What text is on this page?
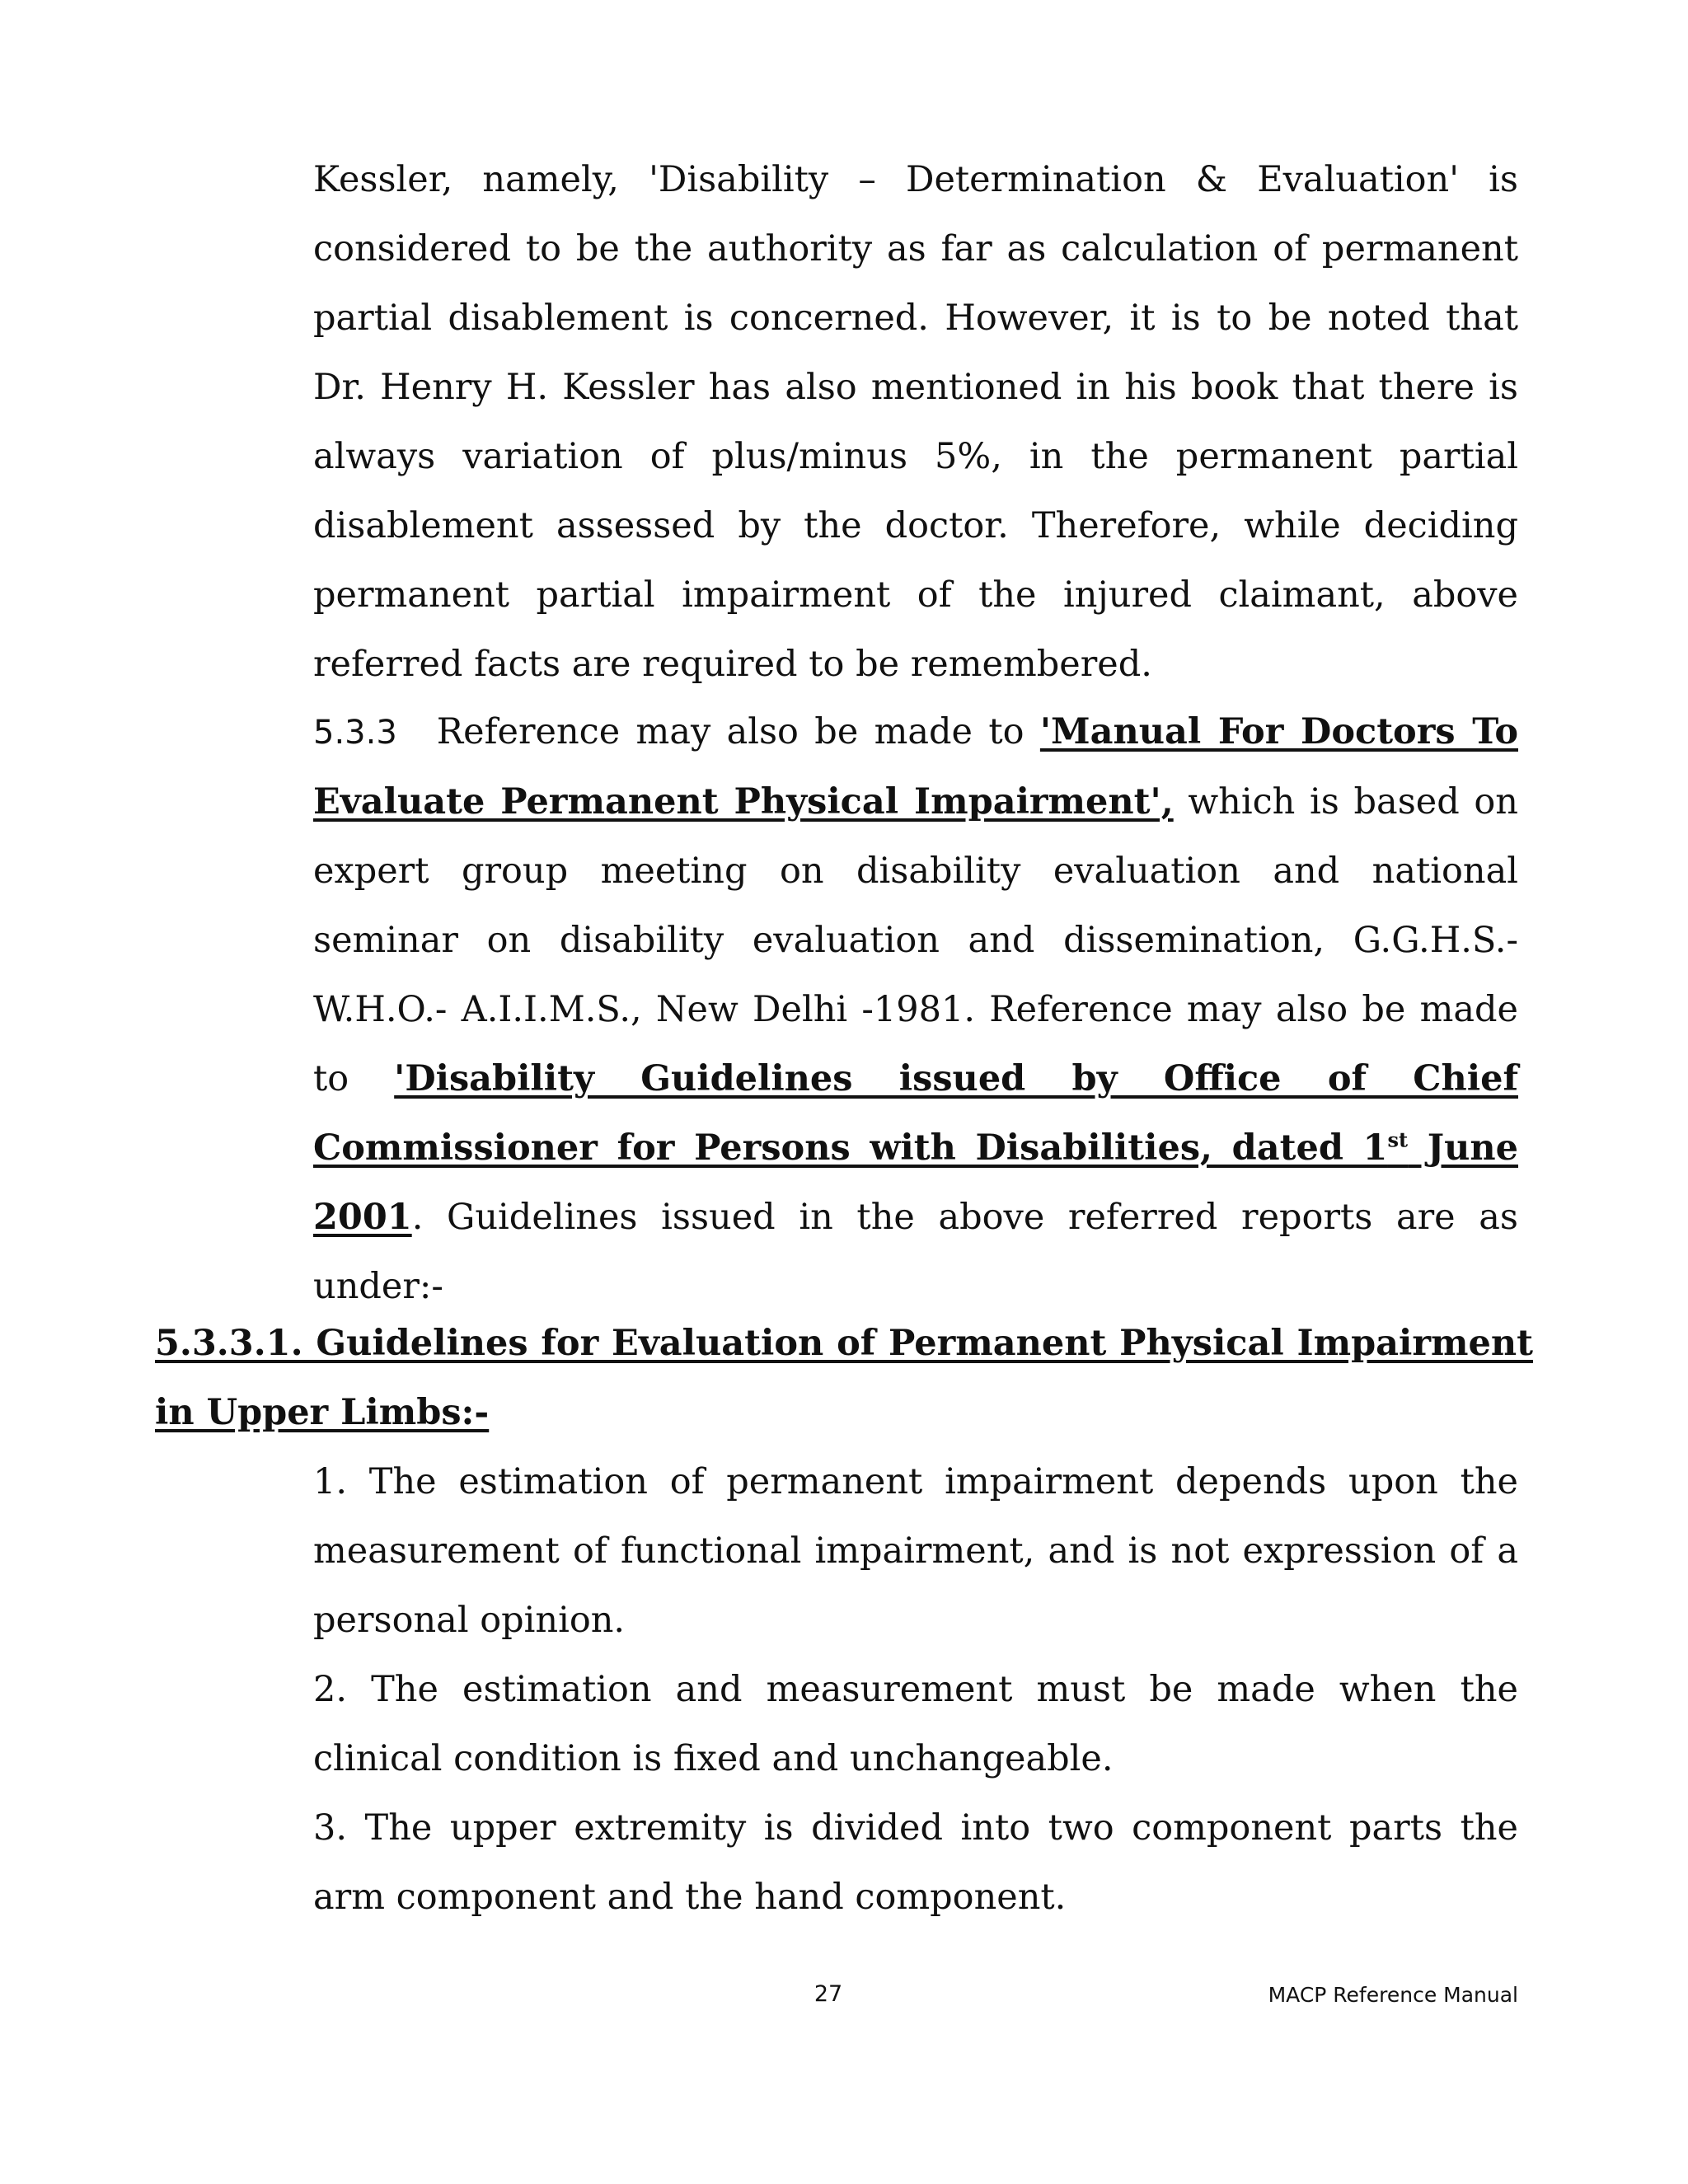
Kessler, namely, 'Disability – Determination & Evaluation' is considered to be the authority as far as calculation of permanent partial disablement is concerned. However, it is to be noted that Dr. Henry H. Kessler has also mentioned in his book that there is always variation of plus/minus 5%, in the permanent partial disablement assessed by the doctor. Therefore, while deciding permanent partial impairment of the injured claimant, above referred facts are required to be remembered.
5.3.3 Reference may also be made to 'Manual For Doctors To Evaluate Permanent Physical Impairment', which is based on expert group meeting on disability evaluation and national seminar on disability evaluation and dissemination, G.G.H.S.- W.H.O.- A.I.I.M.S., New Delhi -1981. Reference may also be made to 'Disability Guidelines issued by Office of Chief Commissioner for Persons with Disabilities, dated 1st June 2001. Guidelines issued in the above referred reports are as under:-
5.3.3.1. Guidelines for Evaluation of Permanent Physical Impairment in Upper Limbs:-

1. The estimation of permanent impairment depends upon the measurement of functional impairment, and is not expression of a personal opinion.

2. The estimation and measurement must be made when the clinical condition is fixed and unchangeable.

3. The upper extremity is divided into two component parts the arm component and the hand component.

27	MACP Reference Manual
